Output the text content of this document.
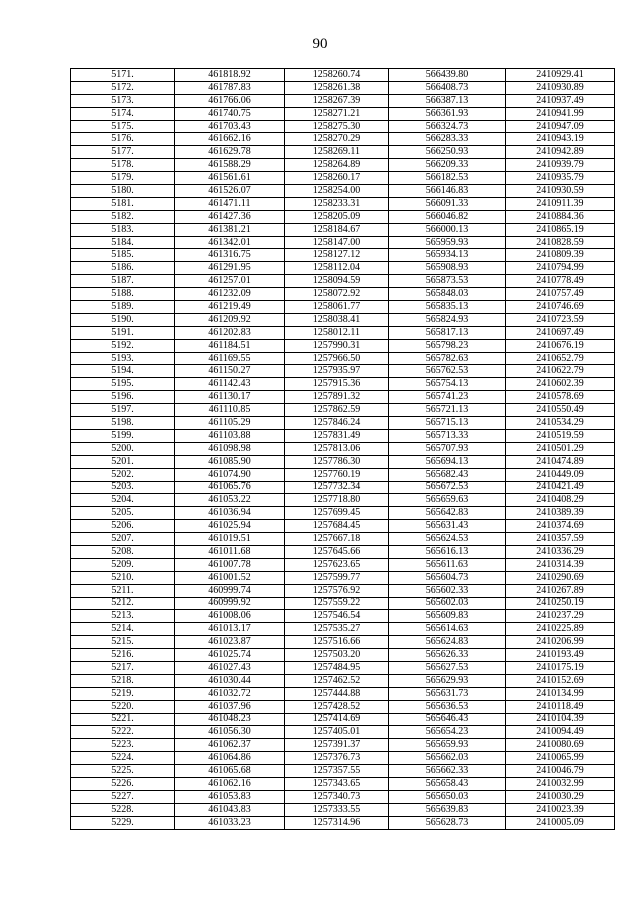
90
5171.	461818.92	1258260.74	566439.80	2410929.41
5172.	461787.83	1258261.38	566408.73	2410930.89
5173.	461766.06	1258267.39	566387.13	2410937.49
5174.	461740.75	1258271.21	566361.93	2410941.99
5175.	461703.43	1258275.30	566324.73	2410947.09
5176.	461662.16	1258270.29	566283.33	2410943.19
5177.	461629.78	1258269.11	566250.93	2410942.89
5178.	461588.29	1258264.89	566209.33	2410939.79
5179.	461561.61	1258260.17	566182.53	2410935.79
5180.	461526.07	1258254.00	566146.83	2410930.59
5181.	461471.11	1258233.31	566091.33	2410911.39
5182.	461427.36	1258205.09	566046.82	2410884.36
5183.	461381.21	1258184.67	566000.13	2410865.19
5184.	461342.01	1258147.00	565959.93	2410828.59
5185.	461316.75	1258127.12	565934.13	2410809.39
5186.	461291.95	1258112.04	565908.93	2410794.99
5187.	461257.01	1258094.59	565873.53	2410778.49
5188.	461232.09	1258072.92	565848.03	2410757.49
5189.	461219.49	1258061.77	565835.13	2410746.69
5190.	461209.92	1258038.41	565824.93	2410723.59
5191.	461202.83	1258012.11	565817.13	2410697.49
5192.	461184.51	1257990.31	565798.23	2410676.19
5193.	461169.55	1257966.50	565782.63	2410652.79
5194.	461150.27	1257935.97	565762.53	2410622.79
5195.	461142.43	1257915.36	565754.13	2410602.39
5196.	461130.17	1257891.32	565741.23	2410578.69
5197.	461110.85	1257862.59	565721.13	2410550.49
5198.	461105.29	1257846.24	565715.13	2410534.29
5199.	461103.88	1257831.49	565713.33	2410519.59
5200.	461098.98	1257813.06	565707.93	2410501.29
5201.	461085.90	1257786.30	565694.13	2410474.89
5202.	461074.90	1257760.19	565682.43	2410449.09
5203.	461065.76	1257732.34	565672.53	2410421.49
5204.	461053.22	1257718.80	565659.63	2410408.29
5205.	461036.94	1257699.45	565642.83	2410389.39
5206.	461025.94	1257684.45	565631.43	2410374.69
5207.	461019.51	1257667.18	565624.53	2410357.59
5208.	461011.68	1257645.66	565616.13	2410336.29
5209.	461007.78	1257623.65	565611.63	2410314.39
5210.	461001.52	1257599.77	565604.73	2410290.69
5211.	460999.74	1257576.92	565602.33	2410267.89
5212.	460999.92	1257559.22	565602.03	2410250.19
5213.	461008.06	1257546.54	565609.83	2410237.29
5214.	461013.17	1257535.27	565614.63	2410225.89
5215.	461023.87	1257516.66	565624.83	2410206.99
5216.	461025.74	1257503.20	565626.33	2410193.49
5217.	461027.43	1257484.95	565627.53	2410175.19
5218.	461030.44	1257462.52	565629.93	2410152.69
5219.	461032.72	1257444.88	565631.73	2410134.99
5220.	461037.96	1257428.52	565636.53	2410118.49
5221.	461048.23	1257414.69	565646.43	2410104.39
5222.	461056.30	1257405.01	565654.23	2410094.49
5223.	461062.37	1257391.37	565659.93	2410080.69
5224.	461064.86	1257376.73	565662.03	2410065.99
5225.	461065.68	1257357.55	565662.33	2410046.79
5226.	461062.16	1257343.65	565658.43	2410032.99
5227.	461053.83	1257340.73	565650.03	2410030.29
5228.	461043.83	1257333.55	565639.83	2410023.39
5229.	461033.23	1257314.96	565628.73	2410005.09
